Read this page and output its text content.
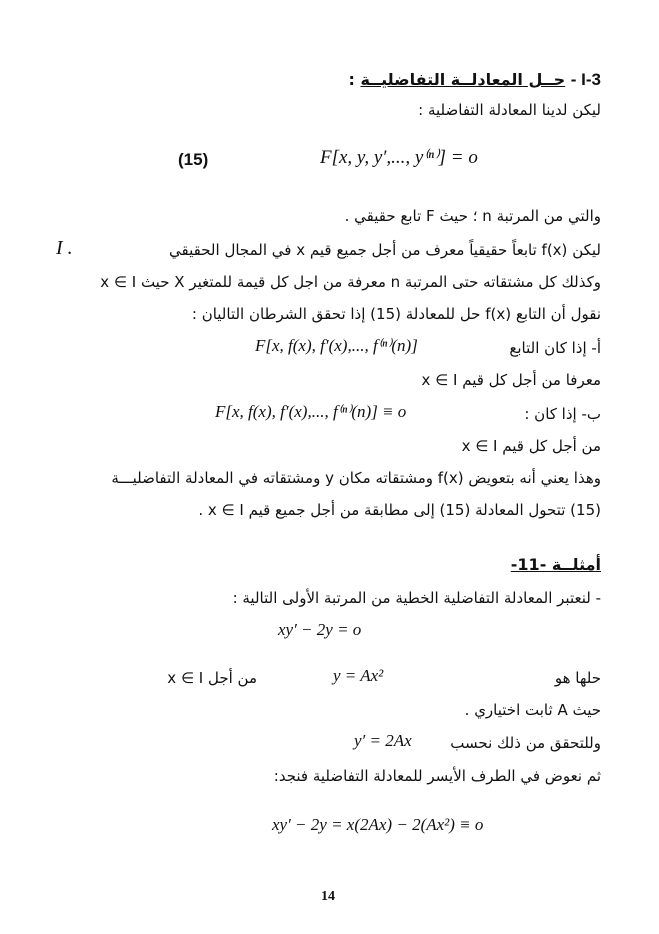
I-3 - حــل المعادلــة التفاضليــة :
ليكن لدينا المعادلة التفاضلية :
(15)	F[x, y, y′,..., y⁽ⁿ⁾] = o
والتي من المرتبة n ؛ حيث F تابع حقيقي .
ليكن f(x) تابعاً حقيقياً معرف من أجل جميع قيم x في المجال الحقيقي
I .
وكذلك كل مشتقاته حتى المرتبة n معرفة من اجل كل قيمة للمتغير X حيث x ∈ I
نقول أن التابع f(x) حل للمعادلة (15) إذا تحقق الشرطان التاليان :
أ- إذا كان التابع
F[x, f(x), f′(x),..., f⁽ⁿ⁾(n)]
معرفا من أجل كل قيم x ∈ I
ب- إذا كان :
F[x, f(x), f′(x),..., f⁽ⁿ⁾(n)] ≡ o
من أجل كل قيم x ∈ I
وهذا يعني أنه بتعويض f(x) ومشتقاته مكان y ومشتقاته في المعادلة التفاضليـــة
(15) تتحول المعادلة (15) إلى مطابقة من أجل جميع قيم x ∈ I .
أمثلــة -11-
- لنعتبر المعادلة التفاضلية الخطية من المرتبة الأولى التالية :
xy′ − 2y = o
حلها هو
y = Ax²
من أجل x ∈ I
حيث A ثابت اختياري .
وللتحقق من ذلك نحسب
y′ = 2Ax
ثم نعوض في الطرف الأيسر للمعادلة التفاضلية فنجد:
xy′ − 2y = x(2Ax) − 2(Ax²) ≡ o
14
